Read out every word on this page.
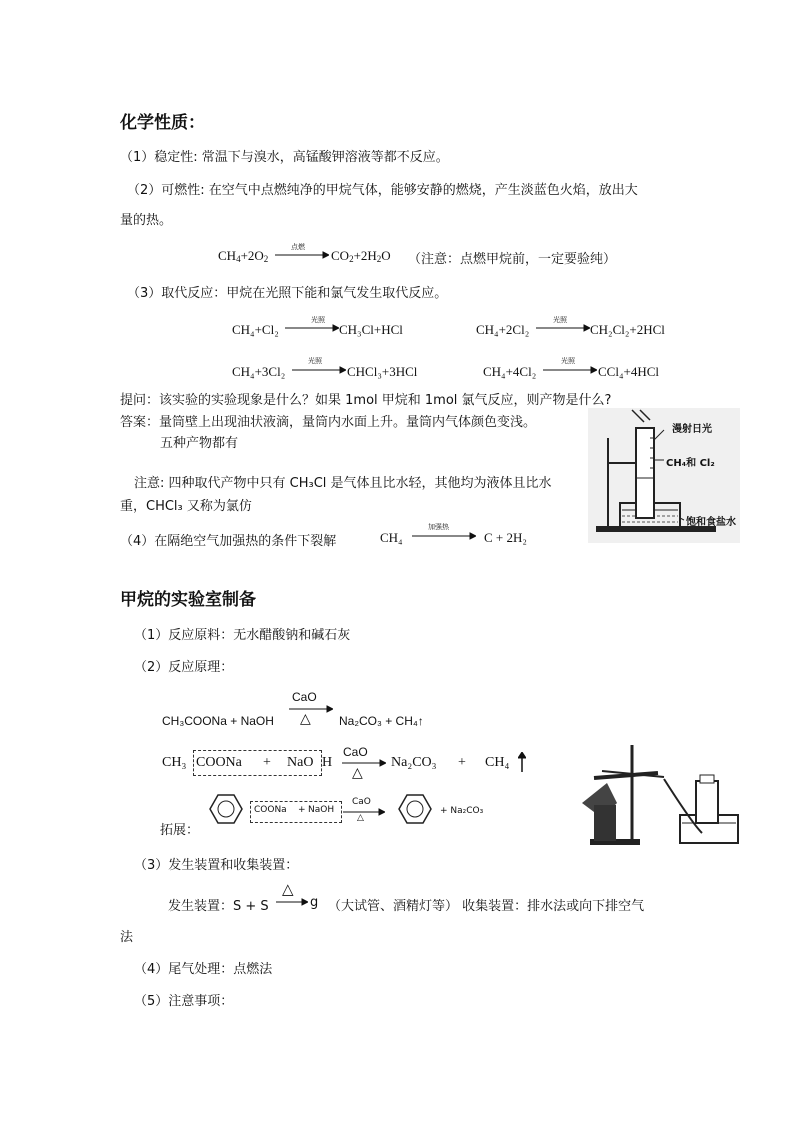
化学性质：
（1）稳定性: 常温下与溴水，高锰酸钾溶液等都不反应。
（2）可燃性: 在空气中点燃纯净的甲烷气体，能够安静的燃烧，产生淡蓝色火焰，放出大
量的热。
$CH_4+2O_2$
点燃
→ $CO_2+2H_2O$ （注意：点燃甲烷前，一定要验纯）
（3）取代反应：甲烷在光照下能和氯气发生取代反应。
CH₄+Cl₂
光照
→ CH₃Cl+HCl	CH₄+2Cl₂
光照
→ CH₂Cl₂+2HCl
CH₄+3Cl₂
光照
→ CHCl₃+3HCl	CH₄+4Cl₂
光照
→ CCl₄+4HCl
提问：该实验的实验现象是什么？如果 1mol 甲烷和 1mol 氯气反应，则产物是什么?
答案：量筒壁上出现油状液滴，量筒内水面上升。量筒内气体颜色变浅。
五种产物都有
注意: 四种取代产物中只有 CH₃Cl 是气体且比水轻，其他均为液体且比水
重，CHCl₃ 又称为氯仿
漫射日光
CH₄和 Cl₂
饱和食盐水
（4）在隔绝空气加强热的条件下裂解	CH₄
加强热
→ C + 2H₂
甲烷的实验室制备
（1）反应原料：无水醋酸钠和碱石灰
（2）反应原理：
CaO
△
CH₃COONa + NaOH	Na₂CO₃ + CH₄↑
CH₃ COONa + NaO H
CaO
△
Na₂CO₃ + CH₄
拓展：
COONa + NaOH
CaO
△
+ Na₂CO₃
（3）发生装置和收集装置：
发生装置：S + S
△
→ g （大试管、酒精灯等） 收集装置：排水法或向下排空气
法
（4）尾气处理：点燃法
（5）注意事项：
